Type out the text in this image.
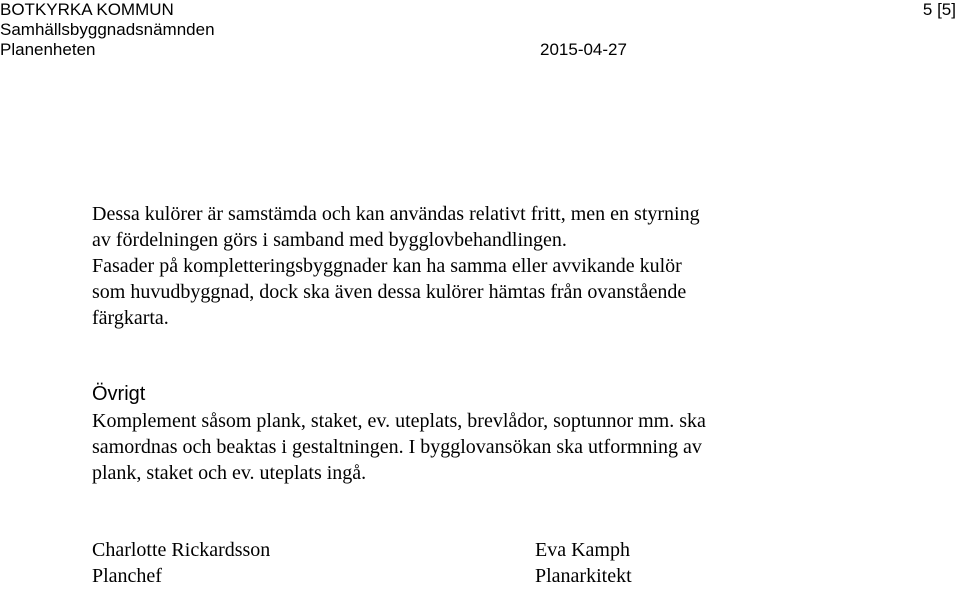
BOTKYRKA KOMMUN
Samhällsbyggnadsnämnden
Planenheten	2015-04-27
5 [5]
Dessa kulörer är samstämda och kan användas relativt fritt, men en styrning
av fördelningen görs i samband med bygglovbehandlingen.
Fasader på kompletteringsbyggnader kan ha samma eller avvikande kulör
som huvudbyggnad, dock ska även dessa kulörer hämtas från ovanstående
färgkarta.
Övrigt
Komplement såsom plank, staket, ev. uteplats, brevlådor, soptunnor mm. ska
samordnas och beaktas i gestaltningen. I bygglovansökan ska utformning av
plank, staket och ev. uteplats ingå.
Charlotte Rickardsson
Planchef
Eva Kamph
Planarkitekt
